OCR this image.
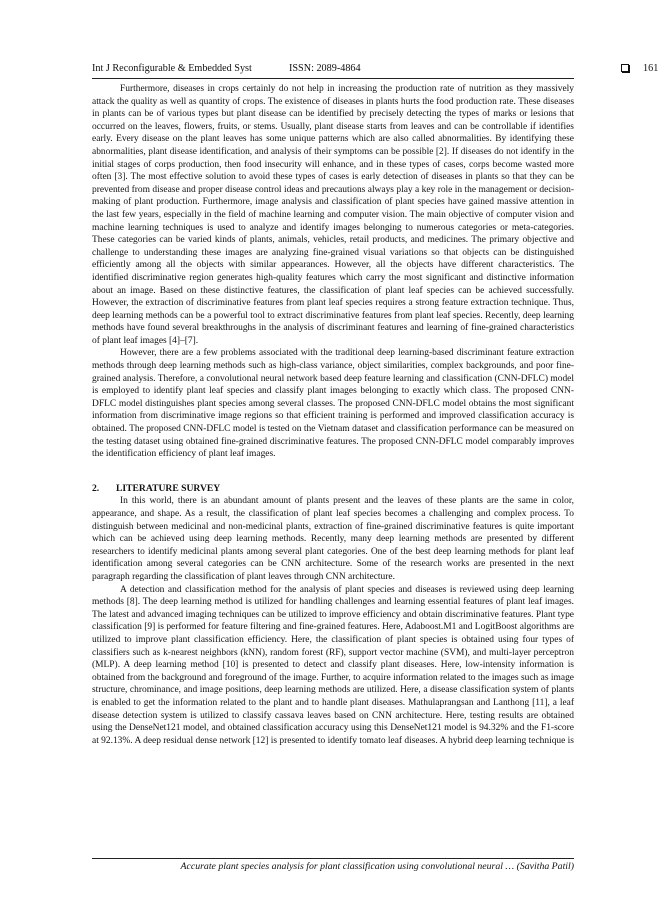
Int J Reconfigurable & Embedded Syst	ISSN: 2089-4864	161

Furthermore, diseases in crops certainly do not help in increasing the production rate of nutrition as they massively attack the quality as well as quantity of crops. The existence of diseases in plants hurts the food production rate. These diseases in plants can be of various types but plant disease can be identified by precisely detecting the types of marks or lesions that occurred on the leaves, flowers, fruits, or stems. Usually, plant disease starts from leaves and can be controllable if identifies early. Every disease on the plant leaves has some unique patterns which are also called abnormalities. By identifying these abnormalities, plant disease identification, and analysis of their symptoms can be possible [2]. If diseases do not identify in the initial stages of corps production, then food insecurity will enhance, and in these types of cases, corps become wasted more often [3]. The most effective solution to avoid these types of cases is early detection of diseases in plants so that they can be prevented from disease and proper disease control ideas and precautions always play a key role in the management or decision-making of plant production. Furthermore, image analysis and classification of plant species have gained massive attention in the last few years, especially in the field of machine learning and computer vision. The main objective of computer vision and machine learning techniques is used to analyze and identify images belonging to numerous categories or meta-categories. These categories can be varied kinds of plants, animals, vehicles, retail products, and medicines. The primary objective and challenge to understanding these images are analyzing fine-grained visual variations so that objects can be distinguished efficiently among all the objects with similar appearances. However, all the objects have different characteristics. The identified discriminative region generates high-quality features which carry the most significant and distinctive information about an image. Based on these distinctive features, the classification of plant leaf species can be achieved successfully. However, the extraction of discriminative features from plant leaf species requires a strong feature extraction technique. Thus, deep learning methods can be a powerful tool to extract discriminative features from plant leaf species. Recently, deep learning methods have found several breakthroughs in the analysis of discriminant features and learning of fine-grained characteristics of plant leaf images [4]–[7].

However, there are a few problems associated with the traditional deep learning-based discriminant feature extraction methods through deep learning methods such as high-class variance, object similarities, complex backgrounds, and poor fine-grained analysis. Therefore, a convolutional neural network based deep feature learning and classification (CNN-DFLC) model is employed to identify plant leaf species and classify plant images belonging to exactly which class. The proposed CNN-DFLC model distinguishes plant species among several classes. The proposed CNN-DFLC model obtains the most significant information from discriminative image regions so that efficient training is performed and improved classification accuracy is obtained. The proposed CNN-DFLC model is tested on the Vietnam dataset and classification performance can be measured on the testing dataset using obtained fine-grained discriminative features. The proposed CNN-DFLC model comparably improves the identification efficiency of plant leaf images.

2. LITERATURE SURVEY

In this world, there is an abundant amount of plants present and the leaves of these plants are the same in color, appearance, and shape. As a result, the classification of plant leaf species becomes a challenging and complex process. To distinguish between medicinal and non-medicinal plants, extraction of fine-grained discriminative features is quite important which can be achieved using deep learning methods. Recently, many deep learning methods are presented by different researchers to identify medicinal plants among several plant categories. One of the best deep learning methods for plant leaf identification among several categories can be CNN architecture. Some of the research works are presented in the next paragraph regarding the classification of plant leaves through CNN architecture.

A detection and classification method for the analysis of plant species and diseases is reviewed using deep learning methods [8]. The deep learning method is utilized for handling challenges and learning essential features of plant leaf images. The latest and advanced imaging techniques can be utilized to improve efficiency and obtain discriminative features. Plant type classification [9] is performed for feature filtering and fine-grained features. Here, Adaboost.M1 and LogitBoost algorithms are utilized to improve plant classification efficiency. Here, the classification of plant species is obtained using four types of classifiers such as k-nearest neighbors (kNN), random forest (RF), support vector machine (SVM), and multi-layer perceptron (MLP). A deep learning method [10] is presented to detect and classify plant diseases. Here, low-intensity information is obtained from the background and foreground of the image. Further, to acquire information related to the images such as image structure, chrominance, and image positions, deep learning methods are utilized. Here, a disease classification system of plants is enabled to get the information related to the plant and to handle plant diseases. Mathulaprangsan and Lanthong [11], a leaf disease detection system is utilized to classify cassava leaves based on CNN architecture. Here, testing results are obtained using the DenseNet121 model, and obtained classification accuracy using this DenseNet121 model is 94.32% and the F1-score at 92.13%. A deep residual dense network [12] is presented to identify tomato leaf diseases. A hybrid deep learning technique is

Accurate plant species analysis for plant classification using convolutional neural … (Savitha Patil)
